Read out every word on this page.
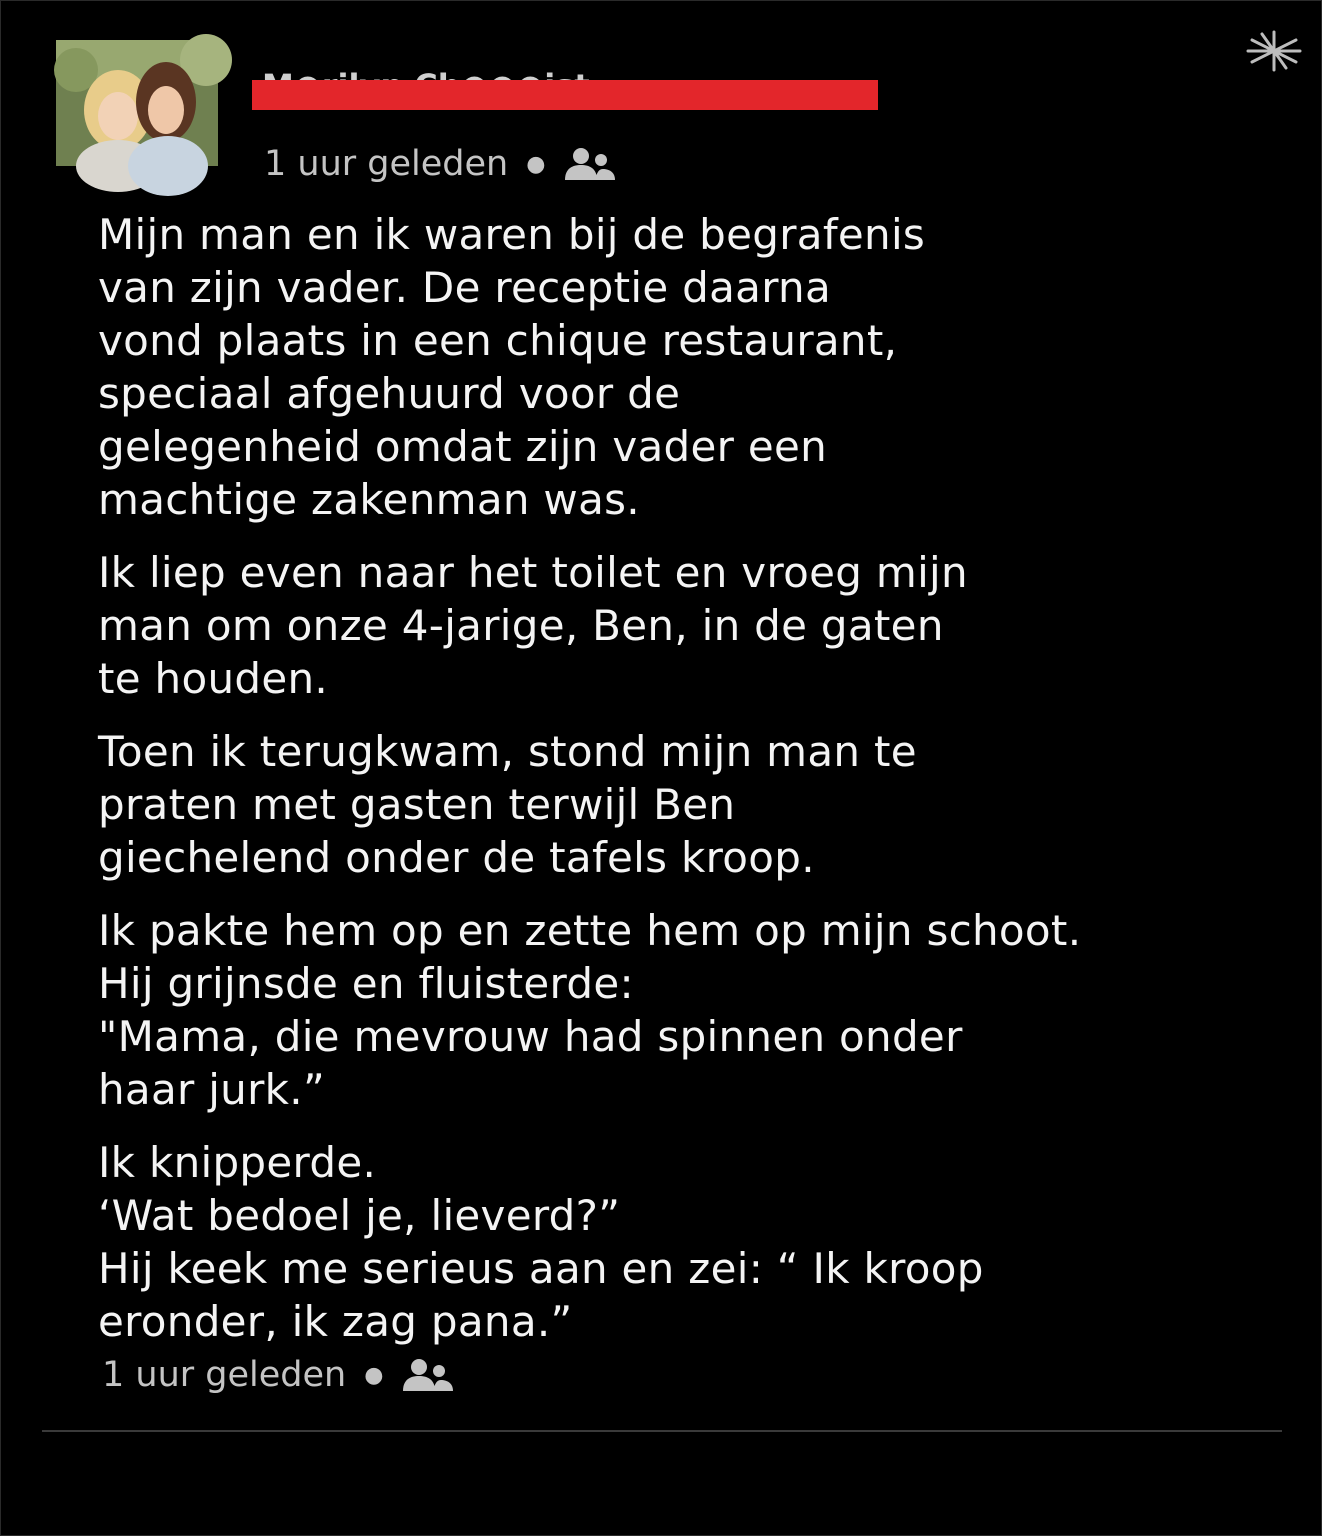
1 uur geleden ●

Mijn man en ik waren bij de begrafenis
van zijn vader. De receptie daarna
vond plaats in een chique restaurant,
speciaal afgehuurd voor de
gelegenheid omdat zijn vader een
machtige zakenman was.

Ik liep even naar het toilet en vroeg mijn
man om onze 4-jarige, Ben, in de gaten
te houden.

Toen ik terugkwam, stond mijn man te
praten met gasten terwijl Ben
giechelend onder de tafels kroop.

Ik pakte hem op en zette hem op mijn schoot.
Hij grijnsde en fluisterde:
"Mama, die mevrouw had spinnen onder
haar jurk.”

Ik knipperde.
‘Wat bedoel je, lieverd?”
Hij keek me serieus aan en zei: “ Ik kroop
eronder, ik zag pana.”

1 uur geleden ●
